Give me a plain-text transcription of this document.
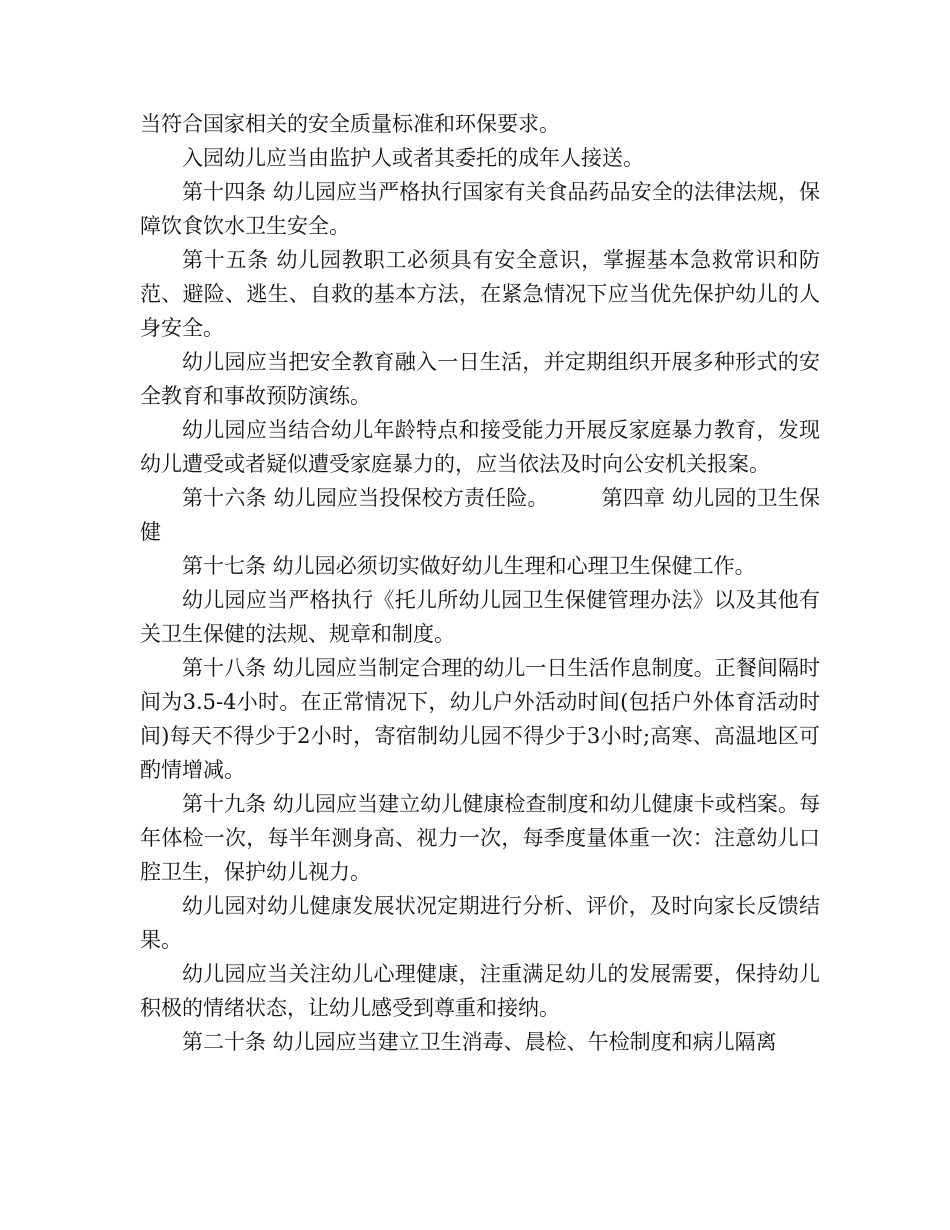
当符合国家相关的安全质量标准和环保要求。

入园幼儿应当由监护人或者其委托的成年人接送。

第十四条 幼儿园应当严格执行国家有关食品药品安全的法律法规，保障饮食饮水卫生安全。

第十五条 幼儿园教职工必须具有安全意识，掌握基本急救常识和防范、避险、逃生、自救的基本方法，在紧急情况下应当优先保护幼儿的人身安全。

幼儿园应当把安全教育融入一日生活，并定期组织开展多种形式的安全教育和事故预防演练。

幼儿园应当结合幼儿年龄特点和接受能力开展反家庭暴力教育，发现幼儿遭受或者疑似遭受家庭暴力的，应当依法及时向公安机关报案。

第十六条 幼儿园应当投保校方责任险。　　　第四章 幼儿园的卫生保健

第十七条 幼儿园必须切实做好幼儿生理和心理卫生保健工作。

幼儿园应当严格执行《托儿所幼儿园卫生保健管理办法》以及其他有关卫生保健的法规、规章和制度。

第十八条 幼儿园应当制定合理的幼儿一日生活作息制度。正餐间隔时间为3.5-4小时。在正常情况下，幼儿户外活动时间(包括户外体育活动时间)每天不得少于2小时，寄宿制幼儿园不得少于3小时;高寒、高温地区可酌情增减。

第十九条 幼儿园应当建立幼儿健康检查制度和幼儿健康卡或档案。每年体检一次，每半年测身高、视力一次，每季度量体重一次：注意幼儿口腔卫生，保护幼儿视力。

幼儿园对幼儿健康发展状况定期进行分析、评价，及时向家长反馈结果。

幼儿园应当关注幼儿心理健康，注重满足幼儿的发展需要，保持幼儿积极的情绪状态，让幼儿感受到尊重和接纳。

第二十条 幼儿园应当建立卫生消毒、晨检、午检制度和病儿隔离
